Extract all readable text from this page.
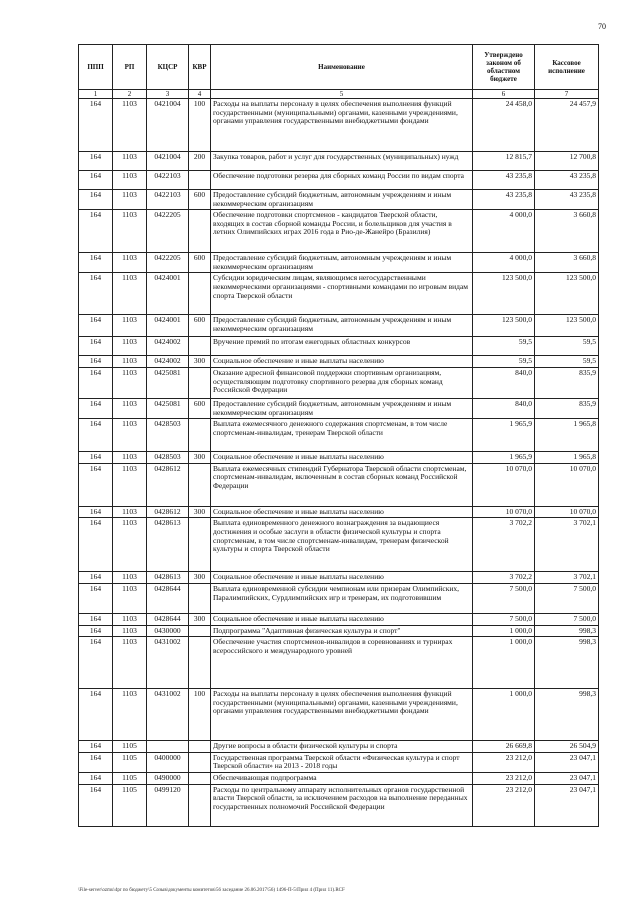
70
ППП	РП	КЦСР	КВР	Наименование	Утверждено законом об областном бюджете	Кассовое исполнение
1	2	3	4	5	6	7
164	1103	0421004	100	Расходы на выплаты персоналу в целях обеспечения выполнения функций государственными (муниципальными) органами, казенными учреждениями, органами управления государственными внебюджетными фондами	24 458,0	24 457,9
164	1103	0421004	200	Закупка товаров, работ и услуг для государственных (муниципальных) нужд	12 815,7	12 700,8
164	1103	0422103		Обеспечение подготовки резерва для сборных команд России по видам спорта	43 235,8	43 235,8
164	1103	0422103	600	Предоставление субсидий бюджетным, автономным учреждениям и иным некоммерческим организациям	43 235,8	43 235,8
164	1103	0422205		Обеспечение подготовки спортсменов - кандидатов Тверской области, входящих в состав сборной команды России, и болельщиков для участия в летних Олимпийских играх 2016 года в Рио-де-Жанейро (Бразилия)	4 000,0	3 660,8
164	1103	0422205	600	Предоставление субсидий бюджетным, автономным учреждениям и иным некоммерческим организациям	4 000,0	3 660,8
164	1103	0424001		Субсидии юридическим лицам, являющимся негосударственными некоммерческими организациями - спортивными командами по игровым видам спорта Тверской области	123 500,0	123 500,0
164	1103	0424001	600	Предоставление субсидий бюджетным, автономным учреждениям и иным некоммерческим организациям	123 500,0	123 500,0
164	1103	0424002		Вручение премий по итогам ежегодных областных конкурсов	59,5	59,5
164	1103	0424002	300	Социальное обеспечение и иные выплаты населению	59,5	59,5
164	1103	0425081		Оказание адресной финансовой поддержки спортивным организациям, осуществляющим подготовку спортивного резерва для сборных команд Российской Федерации	840,0	835,9
164	1103	0425081	600	Предоставление субсидий бюджетным, автономным учреждениям и иным некоммерческим организациям	840,0	835,9
164	1103	0428503		Выплата ежемесячного денежного содержания спортсменам, в том числе спортсменам-инвалидам, тренерам Тверской области	1 965,9	1 965,8
164	1103	0428503	300	Социальное обеспечение и иные выплаты населению	1 965,9	1 965,8
164	1103	0428612		Выплата ежемесячных стипендий Губернатора Тверской области спортсменам, спортсменам-инвалидам, включенным в состав сборных команд Российской Федерации	10 070,0	10 070,0
164	1103	0428612	300	Социальное обеспечение и иные выплаты населению	10 070,0	10 070,0
164	1103	0428613		Выплата единовременного денежного вознаграждения за выдающиеся достижения и особые заслуги в области физической культуры и спорта спортсменам, в том числе спортсменам-инвалидам, тренерам физической культуры и спорта Тверской области	3 702,2	3 702,1
164	1103	0428613	300	Социальное обеспечение и иные выплаты населению	3 702,2	3 702,1
164	1103	0428644		Выплата единовременной субсидии чемпионам или призерам Олимпийских, Паралимпийских, Сурдлимпийских игр и тренерам, их подготовившим	7 500,0	7 500,0
164	1103	0428644	300	Социальное обеспечение и иные выплаты населению	7 500,0	7 500,0
164	1103	0430000		Подпрограмма "Адаптивная физическая культура и спорт"	1 000,0	998,3
164	1103	0431002		Обеспечение участия спортсменов-инвалидов в соревнованиях и турнирах всероссийского и международного уровней	1 000,0	998,3
164	1103	0431002	100	Расходы на выплаты персоналу в целях обеспечения выполнения функций государственными (муниципальными) органами, казенными учреждениями, органами управления государственными внебюджетными фондами	1 000,0	998,3
164	1105			Другие вопросы в области физической культуры и спорта	26 669,8	26 504,9
164	1105	0400000		Государственная программа Тверской области «Физическая культура и спорт Тверской области» на 2013 - 2018 годы	23 212,0	23 047,1
164	1105	0490000		Обеспечивающая подпрограмма	23 212,0	23 047,1
164	1105	0499120		Расходы по центральному аппарату исполнительных органов государственной власти Тверской области, за исключением расходов на выполнение переданных государственных полномочий Российской Федерации	23 212,0	23 047,1
\File-server\ozmu\4pr по бюджету\5 Созыв\документы комитетов\56 заседание 26.06.2017\56) 1496-П-5\Прил 4 (Прил 11).RCF
